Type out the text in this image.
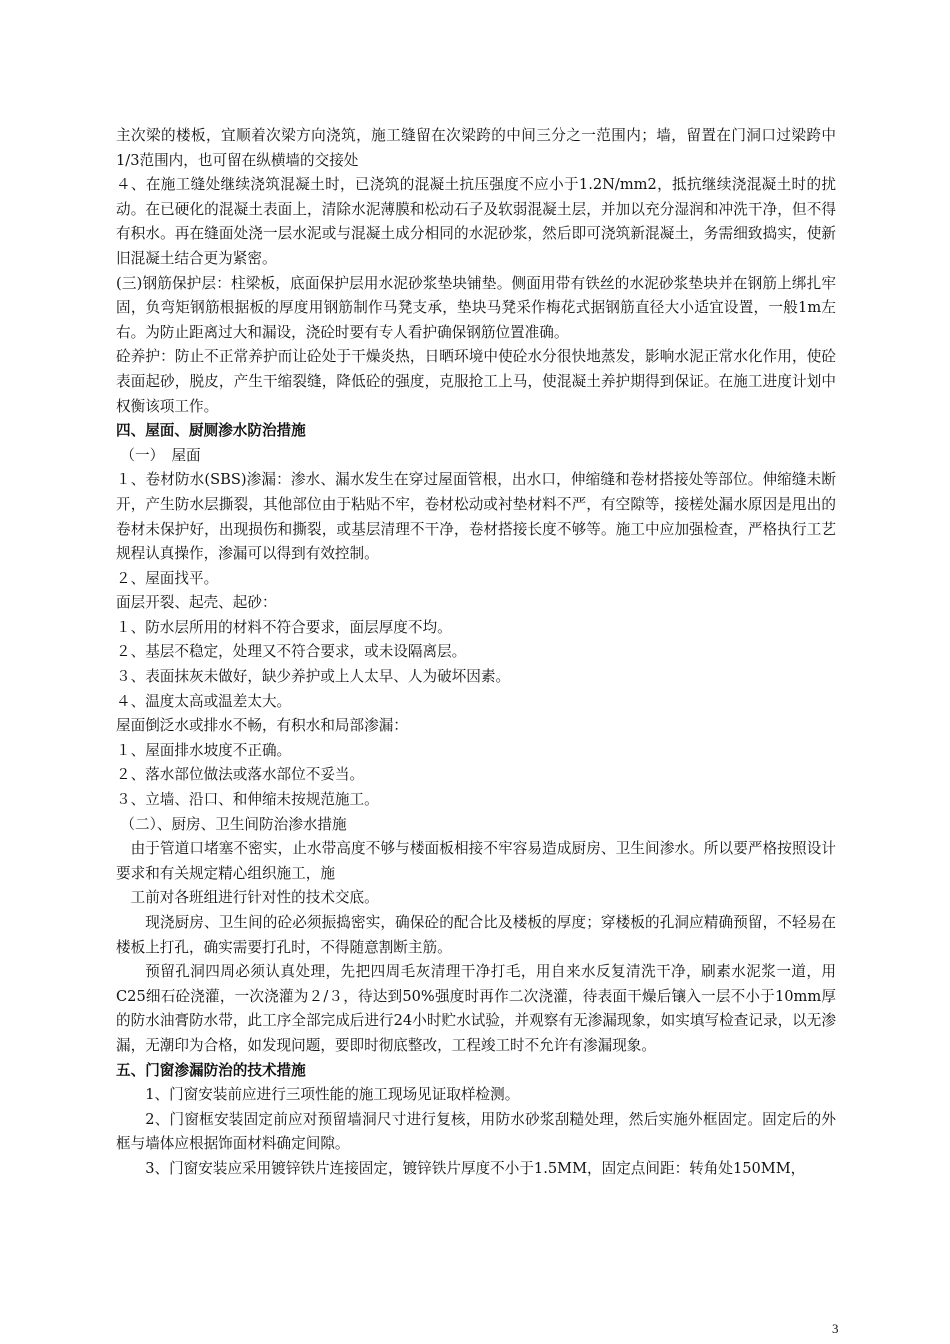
主次梁的楼板，宜顺着次梁方向浇筑，施工缝留在次梁跨的中间三分之一范围内；墙，留置在门洞口过梁跨中1/3范围内，也可留在纵横墙的交接处

４、在施工缝处继续浇筑混凝土时，已浇筑的混凝土抗压强度不应小于1.2N/mm2，抵抗继续浇混凝土时的扰动。在已硬化的混凝土表面上，清除水泥薄膜和松动石子及软弱混凝土层，并加以充分湿润和冲洗干净，但不得有积水。再在缝面处浇一层水泥或与混凝土成分相同的水泥砂浆，然后即可浇筑新混凝土，务需细致捣实，使新旧混凝土结合更为紧密。

(三)钢筋保护层：柱梁板，底面保护层用水泥砂浆垫块铺垫。侧面用带有铁丝的水泥砂浆垫块并在钢筋上绑扎牢固，负弯矩钢筋根据板的厚度用钢筋制作马凳支承，垫块马凳采作梅花式据钢筋直径大小适宜设置，一般1m左右。为防止距离过大和漏设，浇砼时要有专人看护确保钢筋位置准确。

砼养护：防止不正常养护而让砼处于干燥炎热，日晒环境中使砼水分很快地蒸发，影响水泥正常水化作用，使砼表面起砂，脱皮，产生干缩裂缝，降低砼的强度，克服抢工上马，使混凝土养护期得到保证。在施工进度计划中权衡该项工作。

四、屋面、厨厕渗水防治措施

（一）　屋面

１、卷材防水(SBS)渗漏：渗水、漏水发生在穿过屋面管根，出水口，伸缩缝和卷材搭接处等部位。伸缩缝未断开，产生防水层撕裂，其他部位由于粘贴不牢，卷材松动或衬垫材料不严，有空隙等，接槎处漏水原因是甩出的卷材未保护好，出现损伤和撕裂，或基层清理不干净，卷材搭接长度不够等。施工中应加强检查，严格执行工艺规程认真操作，渗漏可以得到有效控制。

２、屋面找平。

面层开裂、起壳、起砂：

１、防水层所用的材料不符合要求，面层厚度不均。

２、基层不稳定，处理又不符合要求，或未设隔离层。

３、表面抹灰未做好，缺少养护或上人太早、人为破坏因素。

４、温度太高或温差太大。

屋面倒泛水或排水不畅，有积水和局部渗漏：

１、屋面排水坡度不正确。

２、落水部位做法或落水部位不妥当。

３、立墙、沿口、和伸缩未按规范施工。

（二）、厨房、卫生间防治渗水措施

由于管道口堵塞不密实，止水带高度不够与楼面板相接不牢容易造成厨房、卫生间渗水。所以要严格按照设计要求和有关规定精心组织施工，施

工前对各班组进行针对性的技术交底。

现浇厨房、卫生间的砼必须振捣密实，确保砼的配合比及楼板的厚度；穿楼板的孔洞应精确预留，不轻易在楼板上打孔，确实需要打孔时，不得随意割断主筋。

预留孔洞四周必须认真处理，先把四周毛灰清理干净打毛，用自来水反复清洗干净，刷素水泥浆一道，用C25细石砼浇灌，一次浇灌为２/３，待达到50%强度时再作二次浇灌，待表面干燥后镶入一层不小于10mm厚的防水油膏防水带，此工序全部完成后进行24小时贮水试验，并观察有无渗漏现象，如实填写检查记录，以无渗漏，无潮印为合格，如发现问题，要即时彻底整改，工程竣工时不允许有渗漏现象。

五、门窗渗漏防治的技术措施

1、门窗安装前应进行三项性能的施工现场见证取样检测。

2、门窗框安装固定前应对预留墙洞尺寸进行复核，用防水砂浆刮糙处理，然后实施外框固定。固定后的外框与墙体应根据饰面材料确定间隙。

3、门窗安装应采用镀锌铁片连接固定，镀锌铁片厚度不小于1.5MM，固定点间距：转角处150MM，

3
